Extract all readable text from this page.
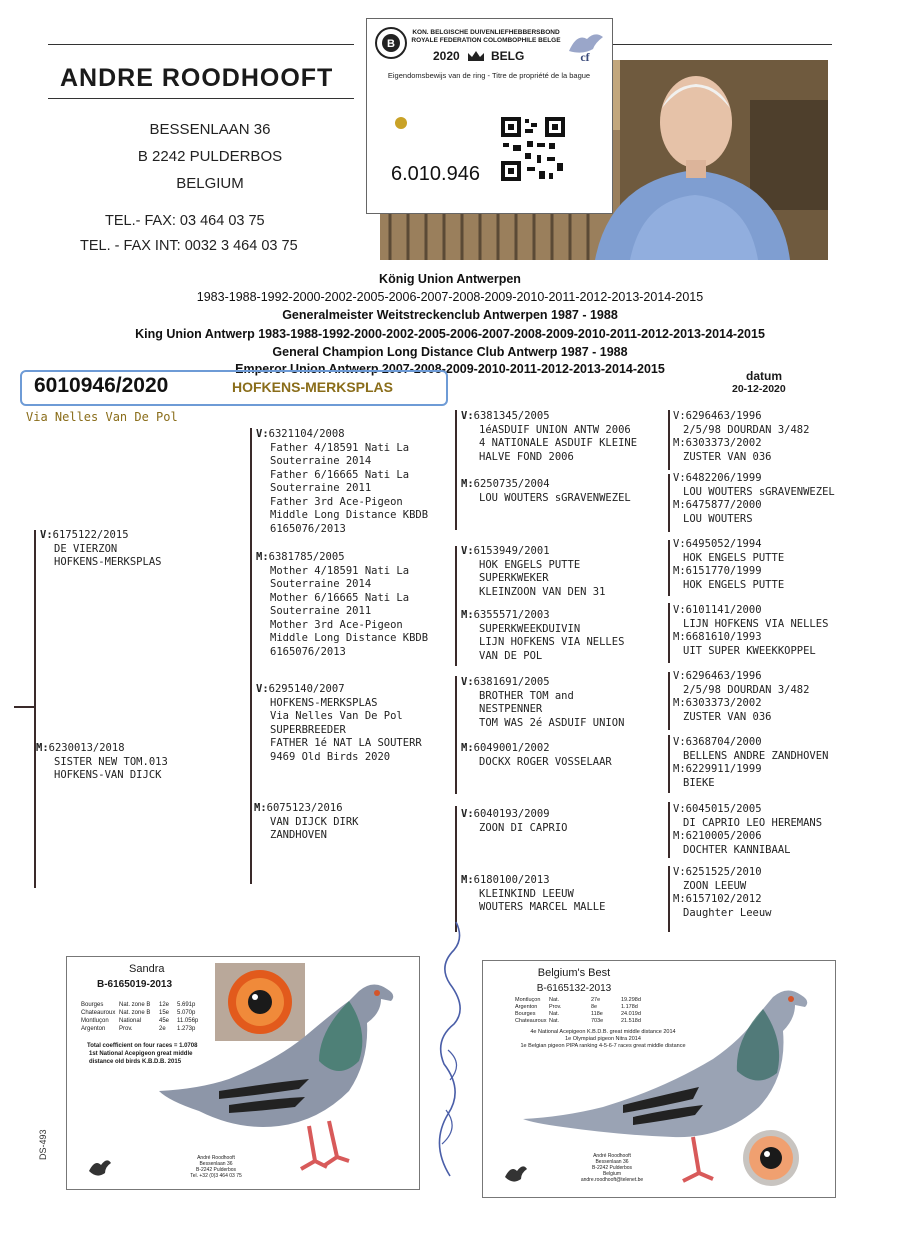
ANDRE ROODHOOFT
BESSENLAAN 36
B 2242 PULDERBOS
BELGIUM
TEL.- FAX: 03 464 03 75
TEL. - FAX INT: 0032 3 464 03 75
B
cf
KON. BELGISCHE DUIVENLIEFHEBBERSBOND
ROYALE FEDERATION COLOMBOPHILE BELGE
2020	BELG
Eigendomsbewijs van de ring - Titre de propriété de la bague
6.010.946
König Union Antwerpen
1983-1988-1992-2000-2002-2005-2006-2007-2008-2009-2010-2011-2012-2013-2014-2015
Generalmeister Weitstreckenclub Antwerpen 1987 - 1988
King Union Antwerp 1983-1988-1992-2000-2002-2005-2006-2007-2008-2009-2010-2011-2012-2013-2014-2015
General Champion Long Distance Club Antwerp 1987 - 1988
Emperor Union Antwerp 2007-2008-2009-2010-2011-2012-2013-2014-2015
6010946/2020	HOFKENS-MERKSPLAS
datum
20-12-2020
Via Nelles Van De Pol
V:6175122/2015
DE VIERZON
HOFKENS-MERKSPLAS
M:6230013/2018
SISTER NEW TOM.013
HOFKENS-VAN DIJCK
V:6321104/2008
Father 4/18591 Nati La
Souterraine 2014
Father 6/16665 Nati La
Souterraine 2011
Father 3rd Ace-Pigeon
Middle Long Distance KBDB
6165076/2013
M:6381785/2005
Mother 4/18591 Nati La
Souterraine 2014
Mother 6/16665 Nati La
Souterraine 2011
Mother 3rd Ace-Pigeon
Middle Long Distance KBDB
6165076/2013
V:6295140/2007
HOFKENS-MERKSPLAS
Via Nelles Van De Pol
SUPERBREEDER
FATHER 1é NAT LA SOUTERR
9469 Old Birds 2020
M:6075123/2016
VAN DIJCK DIRK
ZANDHOVEN
V:6381345/2005
1éASDUIF UNION ANTW 2006
4 NATIONALE ASDUIF KLEINE
HALVE FOND 2006
M:6250735/2004
LOU WOUTERS sGRAVENWEZEL
V:6153949/2001
HOK ENGELS PUTTE
SUPERKWEKER
KLEINZOON VAN DEN 31
M:6355571/2003
SUPERKWEEKDUIVIN
LIJN HOFKENS VIA NELLES
VAN DE POL
V:6381691/2005
BROTHER TOM and
NESTPENNER
TOM WAS 2é ASDUIF UNION
M:6049001/2002
DOCKX ROGER VOSSELAAR
V:6040193/2009
ZOON DI CAPRIO
M:6180100/2013
KLEINKIND LEEUW
WOUTERS MARCEL MALLE
V:6296463/1996
2/5/98 DOURDAN 3/482
M:6303373/2002
ZUSTER VAN 036
V:6482206/1999
LOU WOUTERS sGRAVENWEZEL
M:6475877/2000
LOU WOUTERS
V:6495052/1994
HOK ENGELS PUTTE
M:6151770/1999
HOK ENGELS PUTTE
V:6101141/2000
LIJN HOFKENS VIA NELLES
M:6681610/1993
UIT SUPER KWEEKKOPPEL
V:6296463/1996
2/5/98 DOURDAN 3/482
M:6303373/2002
ZUSTER VAN 036
V:6368704/2000
BELLENS ANDRE ZANDHOVEN
M:6229911/1999
BIEKE
V:6045015/2005
DI CAPRIO LEO HEREMANS
M:6210005/2006
DOCHTER KANNIBAAL
V:6251525/2010
ZOON LEEUW
M:6157102/2012
Daughter Leeuw
Sandra
B-6165019-2013
Bourges	Nat. zone B 12e 5.691p
Chateauroux Nat. zone B 15e 5.070p
Montluçon National	45e 11.056p
Argenton Prov.	2e 1.273p
Total coefficient on four races = 1.0708
1st National Acepigeon great middle
distance old birds K.B.D.B. 2015
André Roodhooft
Bessenlaan 36
B-2242 Pulderbos
Tel. +32 (0)3 464 03 75
Belgium's Best
B-6165132-2013
Montluçon Nat.	27e	19.298d
Argenton Prov.	8e	1.178d
Bourges Nat.	118e	24.019d
Chateauroux Nat.	703e	21.518d
4e National Acepigeon K.B.D.B. great middle distance 2014
1e Olympiad pigeon Nitra 2014
1e Belgian pigeon PIPA ranking 4-5-6-7 races great middle distance
André Roodhooft
Bessenlaan 36
B-2242 Pulderbos
Belgium
andre.roodhooft@telenet.be
DS-493
